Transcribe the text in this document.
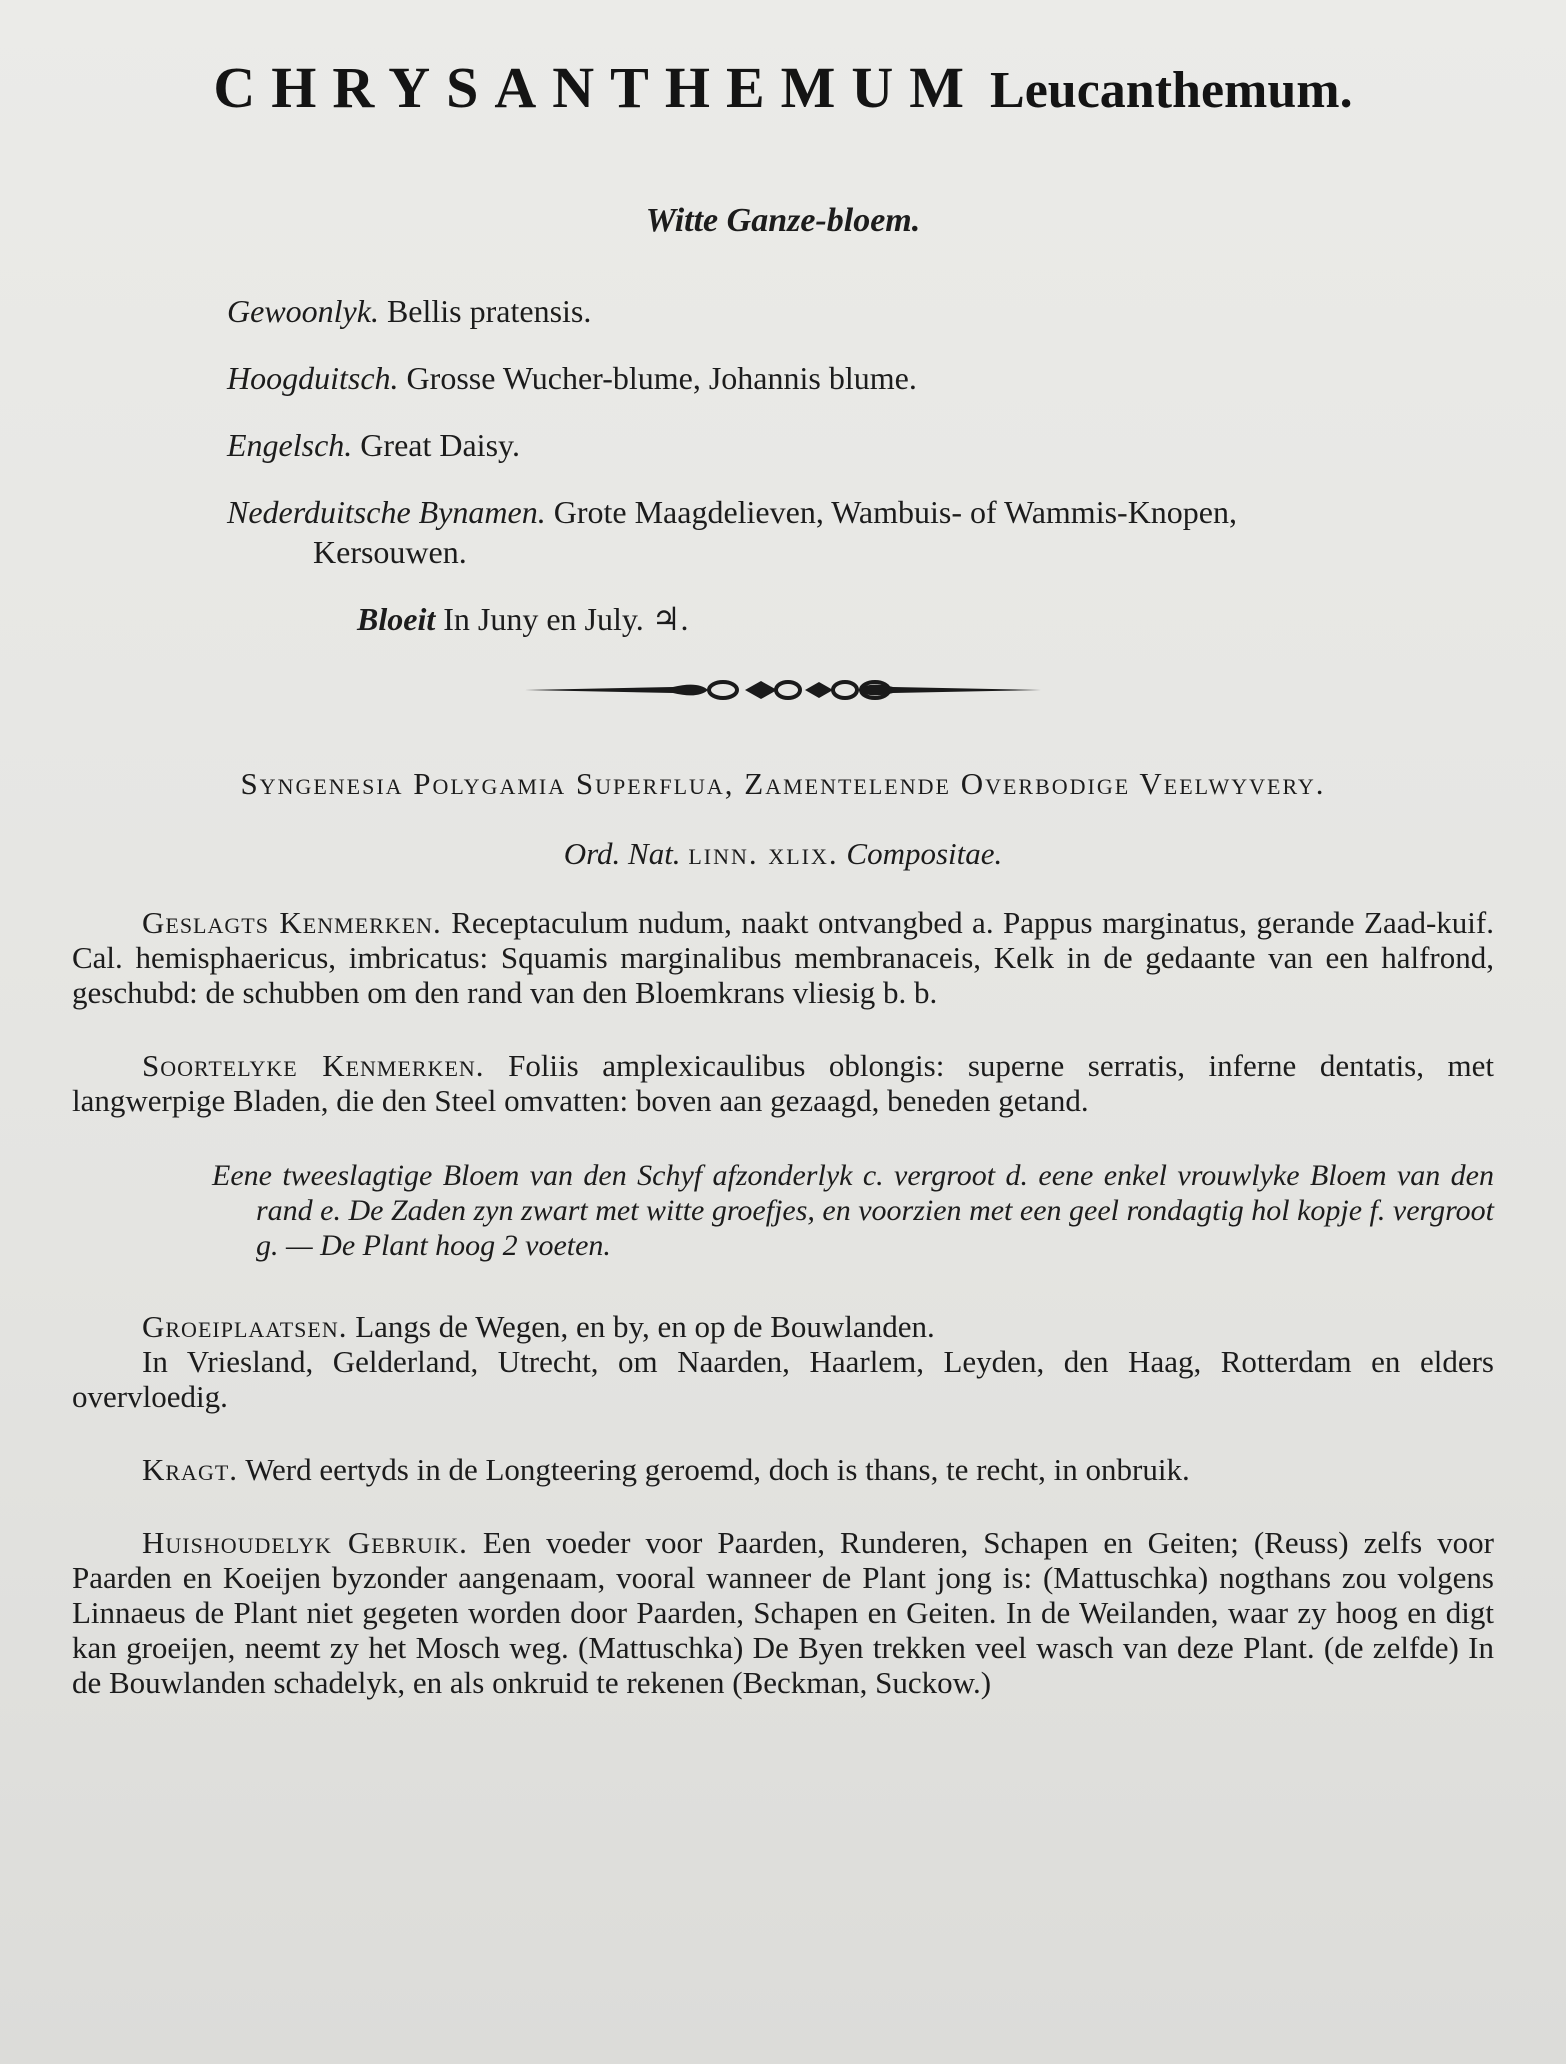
CHRYSANTHEMUM Leucanthemum.
Witte Ganze-bloem.
Gewoonlyk. Bellis pratensis.
Hoogduitsch. Grosse Wucher-blume, Johannis blume.
Engelsch. Great Daisy.
Nederduitsche Bynamen. Grote Maagdelieven, Wambuis- of Wammis-Knopen,
Kersouwen.
Bloeit In Juny en July. ♃.
Syngenesia Polygamia Superflua, Zamentelende Overbodige Veelwyvery.
Ord. Nat. linn. xlix. Compositae.

Geslagts Kenmerken. Receptaculum nudum, naakt ontvangbed a. Pappus marginatus, gerande Zaad-kuif. Cal. hemisphaericus, imbricatus: Squamis marginalibus membranaceis, Kelk in de gedaante van een halfrond, geschubd: de schubben om den rand van den Bloemkrans vliesig b. b.

Soortelyke Kenmerken. Foliis amplexicaulibus oblongis: superne serratis, inferne dentatis, met langwerpige Bladen, die den Steel omvatten: boven aan gezaagd, beneden getand.

Eene tweeslagtige Bloem van den Schyf afzonderlyk c. vergroot d. eene enkel vrouwlyke Bloem van den rand e. De Zaden zyn zwart met witte groefjes, en voorzien met een geel rondagtig hol kopje f. vergroot g. — De Plant hoog 2 voeten.

Groeiplaatsen. Langs de Wegen, en by, en op de Bouwlanden.

In Vriesland, Gelderland, Utrecht, om Naarden, Haarlem, Leyden, den Haag, Rotterdam en elders overvloedig.

Kragt. Werd eertyds in de Longteering geroemd, doch is thans, te recht, in onbruik.

Huishoudelyk Gebruik. Een voeder voor Paarden, Runderen, Schapen en Geiten; (Reuss) zelfs voor Paarden en Koeijen byzonder aangenaam, vooral wanneer de Plant jong is: (Mattuschka) nogthans zou volgens Linnaeus de Plant niet gegeten worden door Paarden, Schapen en Geiten. In de Weilanden, waar zy hoog en digt kan groeijen, neemt zy het Mosch weg. (Mattuschka) De Byen trekken veel wasch van deze Plant. (de zelfde) In de Bouwlanden schadelyk, en als onkruid te rekenen (Beckman, Suckow.)
